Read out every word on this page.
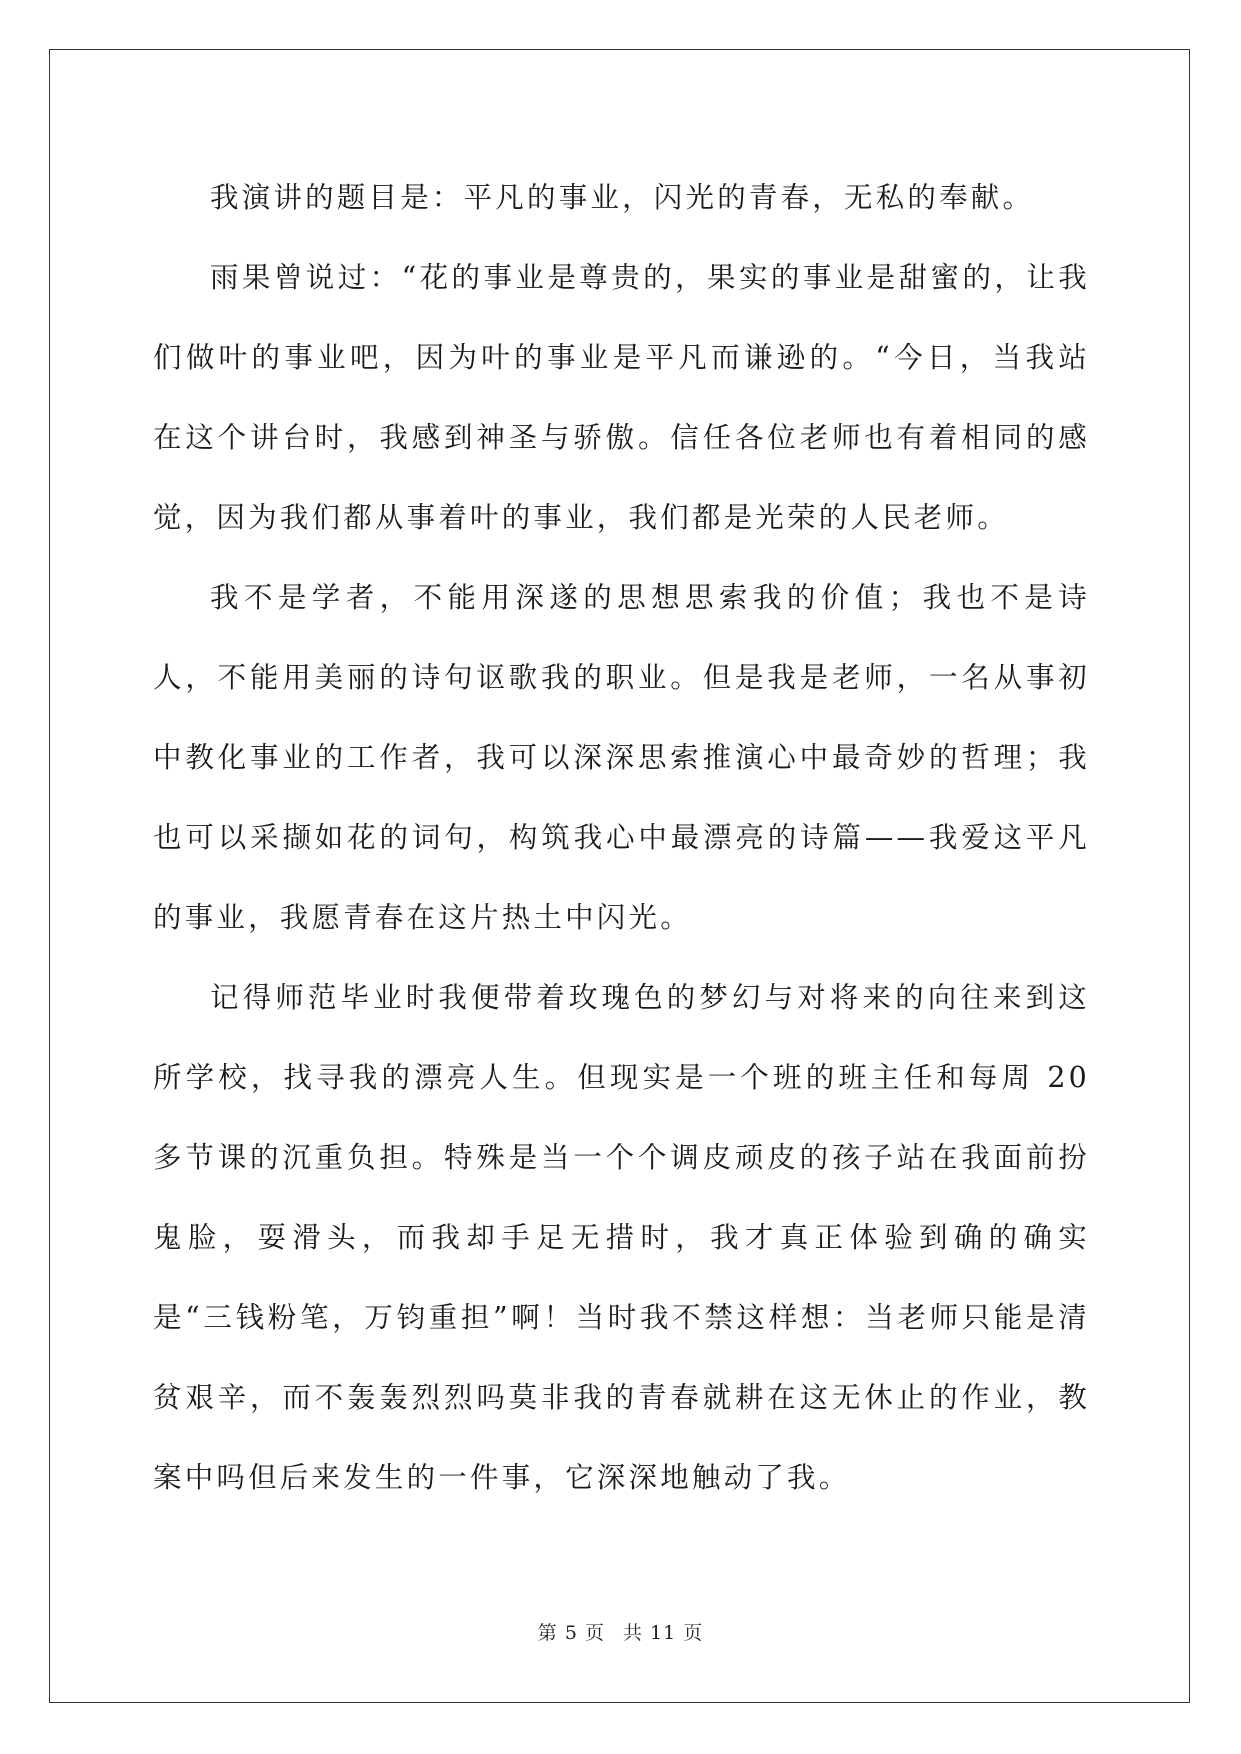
我演讲的题目是：平凡的事业，闪光的青春，无私的奉献。

雨果曾说过：“花的事业是尊贵的，果实的事业是甜蜜的，让我们做叶的事业吧，因为叶的事业是平凡而谦逊的。“今日，当我站在这个讲台时，我感到神圣与骄傲。信任各位老师也有着相同的感觉，因为我们都从事着叶的事业，我们都是光荣的人民老师。

我不是学者，不能用深遂的思想思索我的价值；我也不是诗人，不能用美丽的诗句讴歌我的职业。但是我是老师，一名从事初中教化事业的工作者，我可以深深思索推演心中最奇妙的哲理；我也可以采撷如花的词句，构筑我心中最漂亮的诗篇——我爱这平凡的事业，我愿青春在这片热土中闪光。

记得师范毕业时我便带着玫瑰色的梦幻与对将来的向往来到这所学校，找寻我的漂亮人生。但现实是一个班的班主任和每周 20 多节课的沉重负担。特殊是当一个个调皮顽皮的孩子站在我面前扮鬼脸，耍滑头，而我却手足无措时，我才真正体验到确的确实是“三钱粉笔，万钧重担”啊！当时我不禁这样想：当老师只能是清贫艰辛，而不轰轰烈烈吗莫非我的青春就耕在这无休止的作业，教案中吗但后来发生的一件事，它深深地触动了我。

第 5 页 共 11 页
